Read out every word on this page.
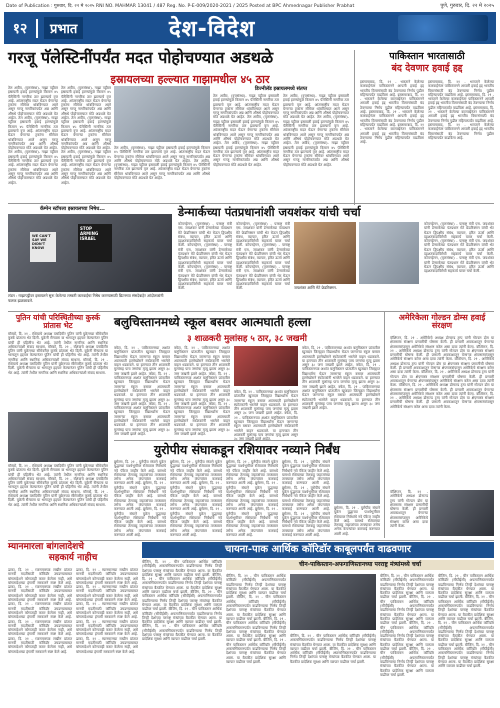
Date of Publication : गुरुवार, दि. २२ मे २०२५ RNI NO. MAHMAR 13041 / 487 Reg. No. P-E-009/2020-2021 / 2025 Posted at BPC Ahmednagar Publisher Prabhat	पुणे, गुरुवार, दि. २२ मे २०२५
१२	प्रभात	देश-विदेश
गरजू पॅलेस्टिनींपर्यंत मदत पोहोचण्यात अडथळे
इस्रायलच्या हल्ल्यात गाझामधील ४५ ठार
तेल अवीव, (वृत्तसंस्था)- गाझा पट्टीवर इस्रायली हवाई हल्ल्यांमुळे किमान ४५ पॅलेस्टिनी नागरिक ठार झाल्याचे वृत्त आहे. आंतरराष्ट्रीय मदत घेऊन येणाऱ्या ट्रकांना सीमेवर थांबविण्यात आले असून गरजू नागरिकांपर्यंत अन्न आणि औषधे पोहोचवण्यात मोठे अडथळे येत आहेत. तेल अवीव, (वृत्तसंस्था)- गाझा पट्टीवर इस्रायली हवाई हल्ल्यांमुळे किमान ४५ पॅलेस्टिनी नागरिक ठार झाल्याचे वृत्त आहे. आंतरराष्ट्रीय मदत घेऊन येणाऱ्या ट्रकांना सीमेवर थांबविण्यात आले असून गरजू नागरिकांपर्यंत अन्न आणि औषधे पोहोचवण्यात मोठे अडथळे येत आहेत. तेल अवीव, (वृत्तसंस्था)- गाझा पट्टीवर इस्रायली हवाई हल्ल्यांमुळे किमान ४५ पॅलेस्टिनी नागरिक ठार झाल्याचे वृत्त आहे. आंतरराष्ट्रीय मदत घेऊन येणाऱ्या ट्रकांना सीमेवर थांबविण्यात आले असून गरजू नागरिकांपर्यंत अन्न आणि औषधे पोहोचवण्यात मोठे अडथळे येत आहेत.
तेल अवीव, (वृत्तसंस्था)- गाझा पट्टीवर इस्रायली हवाई हल्ल्यांमुळे किमान ४५ पॅलेस्टिनी नागरिक ठार झाल्याचे वृत्त आहे. आंतरराष्ट्रीय मदत घेऊन येणाऱ्या ट्रकांना सीमेवर थांबविण्यात आले असून गरजू नागरिकांपर्यंत अन्न आणि औषधे पोहोचवण्यात मोठे अडथळे येत आहेत. तेल अवीव, (वृत्तसंस्था)- गाझा पट्टीवर इस्रायली हवाई हल्ल्यांमुळे किमान ४५ पॅलेस्टिनी नागरिक ठार झाल्याचे वृत्त आहे. आंतरराष्ट्रीय मदत घेऊन येणाऱ्या ट्रकांना सीमेवर थांबविण्यात आले असून गरजू नागरिकांपर्यंत अन्न आणि औषधे पोहोचवण्यात मोठे अडथळे येत आहेत. तेल अवीव, (वृत्तसंस्था)- गाझा पट्टीवर इस्रायली हवाई हल्ल्यांमुळे किमान ४५ पॅलेस्टिनी नागरिक ठार झाल्याचे वृत्त आहे. आंतरराष्ट्रीय मदत घेऊन येणाऱ्या ट्रकांना सीमेवर थांबविण्यात आले असून गरजू नागरिकांपर्यंत अन्न आणि औषधे पोहोचवण्यात मोठे अडथळे येत आहेत.
तेल अवीव, (वृत्तसंस्था)- गाझा पट्टीवर इस्रायली हवाई हल्ल्यांमुळे किमान ४५ पॅलेस्टिनी नागरिक ठार झाल्याचे वृत्त आहे. आंतरराष्ट्रीय मदत घेऊन येणाऱ्या ट्रकांना सीमेवर थांबविण्यात आले असून गरजू नागरिकांपर्यंत अन्न आणि औषधे पोहोचवण्यात मोठे अडथळे येत आहेत. तेल अवीव, (वृत्तसंस्था)- गाझा पट्टीवर इस्रायली हवाई हल्ल्यांमुळे किमान ४५ पॅलेस्टिनी नागरिक ठार झाल्याचे वृत्त आहे. आंतरराष्ट्रीय मदत घेऊन येणाऱ्या ट्रकांना सीमेवर थांबविण्यात आले असून गरजू नागरिकांपर्यंत अन्न आणि औषधे पोहोचवण्यात मोठे अडथळे येत आहेत.
डिज्नीलॅड इस्रायलमध्ये संतप्त
तेल अवीव, (वृत्तसंस्था)- गाझा पट्टीवर इस्रायली हवाई हल्ल्यांमुळे किमान ४५ पॅलेस्टिनी नागरिक ठार झाल्याचे वृत्त आहे. आंतरराष्ट्रीय मदत घेऊन येणाऱ्या ट्रकांना सीमेवर थांबविण्यात आले असून गरजू नागरिकांपर्यंत अन्न आणि औषधे पोहोचवण्यात मोठे अडथळे येत आहेत. तेल अवीव, (वृत्तसंस्था)- गाझा पट्टीवर इस्रायली हवाई हल्ल्यांमुळे किमान ४५ पॅलेस्टिनी नागरिक ठार झाल्याचे वृत्त आहे. आंतरराष्ट्रीय मदत घेऊन येणाऱ्या ट्रकांना सीमेवर थांबविण्यात आले असून गरजू नागरिकांपर्यंत अन्न आणि औषधे पोहोचवण्यात मोठे अडथळे येत आहेत. तेल अवीव, (वृत्तसंस्था)- गाझा पट्टीवर इस्रायली हवाई हल्ल्यांमुळे किमान ४५ पॅलेस्टिनी नागरिक ठार झाल्याचे वृत्त आहे. आंतरराष्ट्रीय मदत घेऊन येणाऱ्या ट्रकांना सीमेवर थांबविण्यात आले असून गरजू नागरिकांपर्यंत अन्न आणि औषधे पोहोचवण्यात मोठे अडथळे येत आहेत.
तेल अवीव, (वृत्तसंस्था)- गाझा पट्टीवर इस्रायली हवाई हल्ल्यांमुळे किमान ४५ पॅलेस्टिनी नागरिक ठार झाल्याचे वृत्त आहे. आंतरराष्ट्रीय मदत घेऊन येणाऱ्या ट्रकांना सीमेवर थांबविण्यात आले असून गरजू नागरिकांपर्यंत अन्न आणि औषधे पोहोचवण्यात मोठे अडथळे येत आहेत. तेल अवीव, (वृत्तसंस्था)- गाझा पट्टीवर इस्रायली हवाई हल्ल्यांमुळे किमान ४५ पॅलेस्टिनी नागरिक ठार झाल्याचे वृत्त आहे. आंतरराष्ट्रीय मदत घेऊन येणाऱ्या ट्रकांना सीमेवर थांबविण्यात आले असून गरजू नागरिकांपर्यंत अन्न आणि औषधे पोहोचवण्यात मोठे अडथळे येत आहेत. तेल अवीव, (वृत्तसंस्था)- गाझा पट्टीवर इस्रायली हवाई हल्ल्यांमुळे किमान ४५ पॅलेस्टिनी नागरिक ठार झाल्याचे वृत्त आहे. आंतरराष्ट्रीय मदत घेऊन येणाऱ्या ट्रकांना सीमेवर थांबविण्यात आले असून गरजू नागरिकांपर्यंत अन्न आणि औषधे पोहोचवण्यात मोठे अडथळे येत आहेत.
पाकिस्तान भारतासाठी
बंद देवणार हवाई हद्द
इस्लामाबाद, दि. २१ - भारताने केलेल्या कारवाईनंतर पाकिस्तानने आपली हवाई हद्द भारतीय विमानांसाठी बंद ठेवण्याचा निर्णय पुढील महिन्यापर्यंत वाढविला आहे. इस्लामाबाद, दि. २१ - भारताने केलेल्या कारवाईनंतर पाकिस्तानने आपली हवाई हद्द भारतीय विमानांसाठी बंद ठेवण्याचा निर्णय पुढील महिन्यापर्यंत वाढविला आहे. इस्लामाबाद, दि. २१ - भारताने केलेल्या कारवाईनंतर पाकिस्तानने आपली हवाई हद्द भारतीय विमानांसाठी बंद ठेवण्याचा निर्णय पुढील महिन्यापर्यंत वाढविला आहे. इस्लामाबाद, दि. २१ - भारताने केलेल्या कारवाईनंतर पाकिस्तानने आपली हवाई हद्द भारतीय विमानांसाठी बंद ठेवण्याचा निर्णय पुढील महिन्यापर्यंत वाढविला आहे.
इस्लामाबाद, दि. २१ - भारताने केलेल्या कारवाईनंतर पाकिस्तानने आपली हवाई हद्द भारतीय विमानांसाठी बंद ठेवण्याचा निर्णय पुढील महिन्यापर्यंत वाढविला आहे. इस्लामाबाद, दि. २१ - भारताने केलेल्या कारवाईनंतर पाकिस्तानने आपली हवाई हद्द भारतीय विमानांसाठी बंद ठेवण्याचा निर्णय पुढील महिन्यापर्यंत वाढविला आहे. इस्लामाबाद, दि. २१ - भारताने केलेल्या कारवाईनंतर पाकिस्तानने आपली हवाई हद्द भारतीय विमानांसाठी बंद ठेवण्याचा निर्णय पुढील महिन्यापर्यंत वाढविला आहे. इस्लामाबाद, दि. २१ - भारताने केलेल्या कारवाईनंतर पाकिस्तानने आपली हवाई हद्द भारतीय विमानांसाठी बंद ठेवण्याचा निर्णय पुढील महिन्यापर्यंत वाढविला आहे.
कॅम्पेन स्टॉपला इस्रायलच्या निषेध...
WE CAN'T SAY WE DIDN'T KNOW
STOP ARMING ISRAEL
लंडन : गाझापट्टीवर इस्रायलने सुरू केलेल्या लष्करी कारवाईचा निषेध करण्यासाठी ब्रिटनच्या संसदेबाहेर आंदोलकांनी फलक झळकावले.
डेन्मार्कच्या पंतप्रधानांशी जयशंकर यांची चर्चा
कोपनहेगन, (वृत्तसंस्था) - परराष्ट्र मंत्री एस. जयशंकर यांनी डेन्मार्कच्या पंतप्रधान मेटे फ्रेडरिक्सन यांची भेट घेऊन द्विपक्षीय संबंध, व्यापार, हरित ऊर्जा आणि दहशतवादाविरोधी सहकार्य यावर चर्चा केली. कोपनहेगन, (वृत्तसंस्था) - परराष्ट्र मंत्री एस. जयशंकर यांनी डेन्मार्कच्या पंतप्रधान मेटे फ्रेडरिक्सन यांची भेट घेऊन द्विपक्षीय संबंध, व्यापार, हरित ऊर्जा आणि दहशतवादाविरोधी सहकार्य यावर चर्चा केली. कोपनहेगन, (वृत्तसंस्था) - परराष्ट्र मंत्री एस. जयशंकर यांनी डेन्मार्कच्या पंतप्रधान मेटे फ्रेडरिक्सन यांची भेट घेऊन द्विपक्षीय संबंध, व्यापार, हरित ऊर्जा आणि दहशतवादाविरोधी सहकार्य यावर चर्चा केली.
कोपनहेगन, (वृत्तसंस्था) - परराष्ट्र मंत्री एस. जयशंकर यांनी डेन्मार्कच्या पंतप्रधान मेटे फ्रेडरिक्सन यांची भेट घेऊन द्विपक्षीय संबंध, व्यापार, हरित ऊर्जा आणि दहशतवादाविरोधी सहकार्य यावर चर्चा केली. कोपनहेगन, (वृत्तसंस्था) - परराष्ट्र मंत्री एस. जयशंकर यांनी डेन्मार्कच्या पंतप्रधान मेटे फ्रेडरिक्सन यांची भेट घेऊन द्विपक्षीय संबंध, व्यापार, हरित ऊर्जा आणि दहशतवादाविरोधी सहकार्य यावर चर्चा केली. कोपनहेगन, (वृत्तसंस्था) - परराष्ट्र मंत्री एस. जयशंकर यांनी डेन्मार्कच्या पंतप्रधान मेटे फ्रेडरिक्सन यांची भेट घेऊन द्विपक्षीय संबंध, व्यापार, हरित ऊर्जा आणि दहशतवादाविरोधी सहकार्य यावर चर्चा केली.	जयशंकर आणि मेटे फ्रेडरिक्सन.
कोपनहेगन, (वृत्तसंस्था) - परराष्ट्र मंत्री एस. जयशंकर यांनी डेन्मार्कच्या पंतप्रधान मेटे फ्रेडरिक्सन यांची भेट घेऊन द्विपक्षीय संबंध, व्यापार, हरित ऊर्जा आणि दहशतवादाविरोधी सहकार्य यावर चर्चा केली. कोपनहेगन, (वृत्तसंस्था) - परराष्ट्र मंत्री एस. जयशंकर यांनी डेन्मार्कच्या पंतप्रधान मेटे फ्रेडरिक्सन यांची भेट घेऊन द्विपक्षीय संबंध, व्यापार, हरित ऊर्जा आणि दहशतवादाविरोधी सहकार्य यावर चर्चा केली. कोपनहेगन, (वृत्तसंस्था) - परराष्ट्र मंत्री एस. जयशंकर यांनी डेन्मार्कच्या पंतप्रधान मेटे फ्रेडरिक्सन यांची भेट घेऊन द्विपक्षीय संबंध, व्यापार, हरित ऊर्जा आणि दहशतवादाविरोधी सहकार्य यावर चर्चा केली.
पुतिन यांची परिस्थितीच्या कुर्स्क प्रांतास भेट
मॉस्को, दि. २१ - रशियाचे अध्यक्ष व्लादिमीर पुतिन यांनी युक्रेनच्या सीमेवरील कुर्स्क प्रांताला भेट दिली. युक्रेनी सैन्याला या भागातून हद्दपार केल्यानंतर पुतिन यांची ही पहिलीच भेट आहे. त्यांनी तेथील नागरिक आणि स्थानिक अधिकाऱ्यांशी संवाद साधला. मॉस्को, दि. २१ - रशियाचे अध्यक्ष व्लादिमीर पुतिन यांनी युक्रेनच्या सीमेवरील कुर्स्क प्रांताला भेट दिली. युक्रेनी सैन्याला या भागातून हद्दपार केल्यानंतर पुतिन यांची ही पहिलीच भेट आहे. त्यांनी तेथील नागरिक आणि स्थानिक अधिकाऱ्यांशी संवाद साधला. मॉस्को, दि. २१ - रशियाचे अध्यक्ष व्लादिमीर पुतिन यांनी युक्रेनच्या सीमेवरील कुर्स्क प्रांताला भेट दिली. युक्रेनी सैन्याला या भागातून हद्दपार केल्यानंतर पुतिन यांची ही पहिलीच भेट आहे. त्यांनी तेथील नागरिक आणि स्थानिक अधिकाऱ्यांशी संवाद साधला.
मॉस्को, दि. २१ - रशियाचे अध्यक्ष व्लादिमीर पुतिन यांनी युक्रेनच्या सीमेवरील कुर्स्क प्रांताला भेट दिली. युक्रेनी सैन्याला या भागातून हद्दपार केल्यानंतर पुतिन यांची ही पहिलीच भेट आहे. त्यांनी तेथील नागरिक आणि स्थानिक अधिकाऱ्यांशी संवाद साधला. मॉस्को, दि. २१ - रशियाचे अध्यक्ष व्लादिमीर पुतिन यांनी युक्रेनच्या सीमेवरील कुर्स्क प्रांताला भेट दिली. युक्रेनी सैन्याला या भागातून हद्दपार केल्यानंतर पुतिन यांची ही पहिलीच भेट आहे. त्यांनी तेथील नागरिक आणि स्थानिक अधिकाऱ्यांशी संवाद साधला. मॉस्को, दि. २१ - रशियाचे अध्यक्ष व्लादिमीर पुतिन यांनी युक्रेनच्या सीमेवरील कुर्स्क प्रांताला भेट दिली. युक्रेनी सैन्याला या भागातून हद्दपार केल्यानंतर पुतिन यांची ही पहिलीच भेट आहे. त्यांनी तेथील नागरिक आणि स्थानिक अधिकाऱ्यांशी संवाद साधला.
बलुचिस्तानमध्ये स्कूल बसवर आत्मघाती हल्ला
३ शाळकरी मुलांसह ५ ठार, ३८ जखमी
क्वेटा, दि. २१ - पाकिस्तानच्या अशांत बलुचिस्तान प्रांतातील खुजदार जिल्ह्यात विद्यार्थ्यांना घेऊन जाणाऱ्या स्कूल बसवर आत्मघाती हल्लेखोराने स्फोटकांनी भरलेले वाहन धडकवले. या हल्ल्यात तीन शाळकरी मुलांसह पाच जणांचा मृत्यू झाला असून ३८ जण जखमी झाले आहेत. क्वेटा, दि. २१ - पाकिस्तानच्या अशांत बलुचिस्तान प्रांतातील खुजदार जिल्ह्यात विद्यार्थ्यांना घेऊन जाणाऱ्या स्कूल बसवर आत्मघाती हल्लेखोराने स्फोटकांनी भरलेले वाहन धडकवले. या हल्ल्यात तीन शाळकरी मुलांसह पाच जणांचा मृत्यू झाला असून ३८ जण जखमी झाले आहेत. क्वेटा, दि. २१ - पाकिस्तानच्या अशांत बलुचिस्तान प्रांतातील खुजदार जिल्ह्यात विद्यार्थ्यांना घेऊन जाणाऱ्या स्कूल बसवर आत्मघाती हल्लेखोराने स्फोटकांनी भरलेले वाहन धडकवले. या हल्ल्यात तीन शाळकरी मुलांसह पाच जणांचा मृत्यू झाला असून ३८ जण जखमी झाले आहेत.
क्वेटा, दि. २१ - पाकिस्तानच्या अशांत बलुचिस्तान प्रांतातील खुजदार जिल्ह्यात विद्यार्थ्यांना घेऊन जाणाऱ्या स्कूल बसवर आत्मघाती हल्लेखोराने स्फोटकांनी भरलेले वाहन धडकवले. या हल्ल्यात तीन शाळकरी मुलांसह पाच जणांचा मृत्यू झाला असून ३८ जण जखमी झाले आहेत. क्वेटा, दि. २१ - पाकिस्तानच्या अशांत बलुचिस्तान प्रांतातील खुजदार जिल्ह्यात विद्यार्थ्यांना घेऊन जाणाऱ्या स्कूल बसवर आत्मघाती हल्लेखोराने स्फोटकांनी भरलेले वाहन धडकवले. या हल्ल्यात तीन शाळकरी मुलांसह पाच जणांचा मृत्यू झाला असून ३८ जण जखमी झाले आहेत. क्वेटा, दि. २१ - पाकिस्तानच्या अशांत बलुचिस्तान प्रांतातील खुजदार जिल्ह्यात विद्यार्थ्यांना घेऊन जाणाऱ्या स्कूल बसवर आत्मघाती हल्लेखोराने स्फोटकांनी भरलेले वाहन धडकवले. या हल्ल्यात तीन शाळकरी मुलांसह पाच जणांचा मृत्यू झाला असून ३८ जण जखमी झाले आहेत.
क्वेटा, दि. २१ - पाकिस्तानच्या अशांत बलुचिस्तान प्रांतातील खुजदार जिल्ह्यात विद्यार्थ्यांना घेऊन जाणाऱ्या स्कूल बसवर आत्मघाती हल्लेखोराने स्फोटकांनी भरलेले वाहन धडकवले. या हल्ल्यात तीन शाळकरी मुलांसह पाच जणांचा मृत्यू झाला असून ३८ जण जखमी झाले आहेत. क्वेटा, दि. २१ - पाकिस्तानच्या अशांत बलुचिस्तान प्रांतातील खुजदार जिल्ह्यात विद्यार्थ्यांना घेऊन जाणाऱ्या स्कूल बसवर आत्मघाती हल्लेखोराने स्फोटकांनी भरलेले वाहन धडकवले. या हल्ल्यात तीन शाळकरी मुलांसह पाच जणांचा मृत्यू झाला असून
क्वेटा, दि. २१ - पाकिस्तानच्या अशांत बलुचिस्तान प्रांतातील खुजदार जिल्ह्यात विद्यार्थ्यांना घेऊन जाणाऱ्या स्कूल बसवर आत्मघाती हल्लेखोराने स्फोटकांनी भरलेले वाहन धडकवले. या हल्ल्यात तीन शाळकरी मुलांसह पाच जणांचा मृत्यू झाला असून ३८ जण जखमी झाले आहेत. क्वेटा, दि. २१ - पाकिस्तानच्या अशांत बलुचिस्तान प्रांतातील खुजदार जिल्ह्यात विद्यार्थ्यांना घेऊन जाणाऱ्या स्कूल बसवर आत्मघाती हल्लेखोराने स्फोटकांनी भरलेले वाहन धडकवले. या हल्ल्यात तीन शाळकरी मुलांसह पाच जणांचा मृत्यू झाला असून ३८ जण जखमी झाले आहेत. क्वेटा, दि. २१ - पाकिस्तानच्या अशांत बलुचिस्तान प्रांतातील खुजदार जिल्ह्यात विद्यार्थ्यांना घेऊन जाणाऱ्या स्कूल बसवर आत्मघाती हल्लेखोराने स्फोटकांनी भरलेले वाहन धडकवले. या हल्ल्यात तीन शाळकरी मुलांसह पाच जणांचा मृत्यू झाला असून ३८ जण जखमी झाले आहेत.
अमेरिकेला गोल्डन डोम्स हवाई संरक्षण
वॉशिंग्टन, दि. २१ - अमेरिकेचे अध्यक्ष डोनाल्ड ट्रम्प यांनी गोल्डन डोम या क्षेपणास्त्र संरक्षण प्रणालीची घोषणा केली. ही प्रणाली अवकाशातून येणाऱ्या क्षेपणास्त्रांपासून अमेरिकेचे संरक्षण करेल असा दावा त्यांनी केला. वॉशिंग्टन, दि. २१ - अमेरिकेचे अध्यक्ष डोनाल्ड ट्रम्प यांनी गोल्डन डोम या क्षेपणास्त्र संरक्षण प्रणालीची घोषणा केली. ही प्रणाली अवकाशातून येणाऱ्या क्षेपणास्त्रांपासून अमेरिकेचे संरक्षण करेल असा दावा त्यांनी केला. वॉशिंग्टन, दि. २१ - अमेरिकेचे अध्यक्ष डोनाल्ड ट्रम्प यांनी गोल्डन डोम या क्षेपणास्त्र संरक्षण प्रणालीची घोषणा केली. ही प्रणाली अवकाशातून येणाऱ्या क्षेपणास्त्रांपासून अमेरिकेचे संरक्षण करेल असा दावा त्यांनी केला. वॉशिंग्टन, दि. २१ - अमेरिकेचे अध्यक्ष डोनाल्ड ट्रम्प यांनी गोल्डन डोम या क्षेपणास्त्र संरक्षण प्रणालीची घोषणा केली. ही प्रणाली अवकाशातून येणाऱ्या क्षेपणास्त्रांपासून अमेरिकेचे संरक्षण करेल असा दावा त्यांनी केला. वॉशिंग्टन, दि. २१ - अमेरिकेचे अध्यक्ष डोनाल्ड ट्रम्प यांनी गोल्डन डोम या क्षेपणास्त्र संरक्षण प्रणालीची घोषणा केली. ही प्रणाली अवकाशातून येणाऱ्या क्षेपणास्त्रांपासून अमेरिकेचे संरक्षण करेल असा दावा त्यांनी केला. वॉशिंग्टन, दि. २१ - अमेरिकेचे अध्यक्ष डोनाल्ड ट्रम्प यांनी गोल्डन डोम या क्षेपणास्त्र संरक्षण प्रणालीची घोषणा केली. ही प्रणाली अवकाशातून येणाऱ्या क्षेपणास्त्रांपासून अमेरिकेचे संरक्षण करेल असा दावा त्यांनी केला.
वॉशिंग्टन, दि. २१ - अमेरिकेचे अध्यक्ष डोनाल्ड ट्रम्प यांनी गोल्डन डोम या क्षेपणास्त्र संरक्षण प्रणालीची घोषणा केली. ही प्रणाली अवकाशातून येणाऱ्या क्षेपणास्त्रांपासून अमेरिकेचे संरक्षण करेल असा दावा त्यांनी केला.
युरोपीय संघाकडून रशियावर नव्याने निर्बंध
ब्रुसेल्स, दि. २१ - युरोपीय संघाने युक्रेन युद्धाच्या पार्श्वभूमीवर रशियावर निर्बंधांचे नवे पॅकेज जाहीर केले आहे. यामध्ये रशियाच्या तेलवाहू जहाजांच्या ताफ्यावर तसेच अनेक कंपन्यांवर कारवाई करण्यात आली आहे. ब्रुसेल्स, दि. २१ - युरोपीय संघाने युक्रेन युद्धाच्या पार्श्वभूमीवर रशियावर निर्बंधांचे नवे पॅकेज जाहीर केले आहे. यामध्ये रशियाच्या तेलवाहू जहाजांच्या ताफ्यावर तसेच अनेक कंपन्यांवर कारवाई करण्यात आली आहे. ब्रुसेल्स, दि. २१ - युरोपीय संघाने युक्रेन युद्धाच्या पार्श्वभूमीवर रशियावर निर्बंधांचे नवे पॅकेज जाहीर केले आहे. यामध्ये रशियाच्या तेलवाहू जहाजांच्या ताफ्यावर तसेच अनेक कंपन्यांवर कारवाई करण्यात आली आहे.
ब्रुसेल्स, दि. २१ - युरोपीय संघाने युक्रेन युद्धाच्या पार्श्वभूमीवर रशियावर निर्बंधांचे नवे पॅकेज जाहीर केले आहे. यामध्ये रशियाच्या तेलवाहू जहाजांच्या ताफ्यावर तसेच अनेक कंपन्यांवर कारवाई करण्यात आली आहे. ब्रुसेल्स, दि. २१ - युरोपीय संघाने युक्रेन युद्धाच्या पार्श्वभूमीवर रशियावर निर्बंधांचे नवे पॅकेज जाहीर केले आहे. यामध्ये रशियाच्या तेलवाहू जहाजांच्या ताफ्यावर तसेच अनेक कंपन्यांवर कारवाई करण्यात आली आहे. ब्रुसेल्स, दि. २१ - युरोपीय संघाने युक्रेन युद्धाच्या पार्श्वभूमीवर रशियावर निर्बंधांचे नवे पॅकेज जाहीर केले आहे. यामध्ये रशियाच्या तेलवाहू जहाजांच्या ताफ्यावर तसेच अनेक कंपन्यांवर कारवाई करण्यात आली आहे.
ब्रुसेल्स, दि. २१ - युरोपीय संघाने युक्रेन युद्धाच्या पार्श्वभूमीवर रशियावर निर्बंधांचे नवे पॅकेज जाहीर केले आहे. यामध्ये रशियाच्या तेलवाहू जहाजांच्या ताफ्यावर तसेच अनेक कंपन्यांवर कारवाई करण्यात आली आहे. ब्रुसेल्स, दि. २१ - युरोपीय संघाने युक्रेन युद्धाच्या पार्श्वभूमीवर रशियावर निर्बंधांचे नवे पॅकेज जाहीर केले आहे. यामध्ये रशियाच्या तेलवाहू जहाजांच्या ताफ्यावर तसेच अनेक कंपन्यांवर कारवाई करण्यात आली आहे. ब्रुसेल्स, दि. २१ - युरोपीय संघाने युक्रेन युद्धाच्या पार्श्वभूमीवर रशियावर निर्बंधांचे नवे पॅकेज जाहीर केले आहे. यामध्ये रशियाच्या तेलवाहू जहाजांच्या ताफ्यावर तसेच अनेक कंपन्यांवर कारवाई करण्यात आली आहे.
ब्रुसेल्स, दि. २१ - युरोपीय संघाने युक्रेन युद्धाच्या पार्श्वभूमीवर रशियावर निर्बंधांचे नवे पॅकेज जाहीर केले आहे. यामध्ये रशियाच्या तेलवाहू जहाजांच्या ताफ्यावर तसेच अनेक कंपन्यांवर कारवाई करण्यात आली आहे. ब्रुसेल्स, दि. २१ - युरोपीय संघाने युक्रेन युद्धाच्या पार्श्वभूमीवर रशियावर निर्बंधांचे नवे पॅकेज जाहीर केले आहे. यामध्ये रशियाच्या तेलवाहू जहाजांच्या ताफ्यावर तसेच अनेक कंपन्यांवर कारवाई करण्यात आली आहे. ब्रुसेल्स, दि. २१ - युरोपीय संघाने युक्रेन युद्धाच्या पार्श्वभूमीवर रशियावर निर्बंधांचे नवे पॅकेज जाहीर केले आहे. यामध्ये रशियाच्या तेलवाहू जहाजांच्या ताफ्यावर तसेच अनेक कंपन्यांवर कारवाई करण्यात आली आहे.
ब्रुसेल्स, दि. २१ - युरोपीय संघाने युक्रेन युद्धाच्या पार्श्वभूमीवर रशियावर निर्बंधांचे नवे पॅकेज जाहीर केले आहे. यामध्ये रशियाच्या तेलवाहू जहाजांच्या ताफ्यावर तसेच अनेक कंपन्यांवर कारवाई करण्यात आली आहे.
म्यानमारला बांगलादेशचे
सहकार्य नाहीच
ढाका, दि. २१ - म्यानमारच्या राखीन प्रांतात मानवी मदतीसाठी कॉरिडॉर उघडण्याबाबत बांगलादेशने कोणताही करार केलेला नाही, असे बांगलादेशच्या हंगामी सरकारने स्पष्ट केले आहे. ढाका, दि. २१ - म्यानमारच्या राखीन प्रांतात मानवी मदतीसाठी कॉरिडॉर उघडण्याबाबत बांगलादेशने कोणताही करार केलेला नाही, असे बांगलादेशच्या हंगामी सरकारने स्पष्ट केले आहे. ढाका, दि. २१ - म्यानमारच्या राखीन प्रांतात मानवी मदतीसाठी कॉरिडॉर उघडण्याबाबत बांगलादेशने कोणताही करार केलेला नाही, असे बांगलादेशच्या हंगामी सरकारने स्पष्ट केले आहे. ढाका, दि. २१ - म्यानमारच्या राखीन प्रांतात मानवी मदतीसाठी कॉरिडॉर उघडण्याबाबत बांगलादेशने कोणताही करार केलेला नाही, असे बांगलादेशच्या हंगामी सरकारने स्पष्ट केले आहे. ढाका, दि. २१ - म्यानमारच्या राखीन प्रांतात मानवी मदतीसाठी कॉरिडॉर उघडण्याबाबत बांगलादेशने कोणताही करार केलेला नाही, असे बांगलादेशच्या हंगामी सरकारने स्पष्ट केले आहे.
ढाका, दि. २१ - म्यानमारच्या राखीन प्रांतात मानवी मदतीसाठी कॉरिडॉर उघडण्याबाबत बांगलादेशने कोणताही करार केलेला नाही, असे बांगलादेशच्या हंगामी सरकारने स्पष्ट केले आहे. ढाका, दि. २१ - म्यानमारच्या राखीन प्रांतात मानवी मदतीसाठी कॉरिडॉर उघडण्याबाबत बांगलादेशने कोणताही करार केलेला नाही, असे बांगलादेशच्या हंगामी सरकारने स्पष्ट केले आहे. ढाका, दि. २१ - म्यानमारच्या राखीन प्रांतात मानवी मदतीसाठी कॉरिडॉर उघडण्याबाबत बांगलादेशने कोणताही करार केलेला नाही, असे बांगलादेशच्या हंगामी सरकारने स्पष्ट केले आहे. ढाका, दि. २१ - म्यानमारच्या राखीन प्रांतात मानवी मदतीसाठी कॉरिडॉर उघडण्याबाबत बांगलादेशने कोणताही करार केलेला नाही, असे बांगलादेशच्या हंगामी सरकारने स्पष्ट केले आहे. ढाका, दि. २१ - म्यानमारच्या राखीन प्रांतात मानवी मदतीसाठी कॉरिडॉर उघडण्याबाबत बांगलादेशने कोणताही करार केलेला नाही, असे बांगलादेशच्या हंगामी सरकारने स्पष्ट केले आहे.
चायना-पाक आर्थिक कॉरिडॉर काबूलपर्यंत वाढवणार
चीन-पाकिस्तान-अफगाणिस्तानच्या परराष्ट्र मंत्र्यांमध्ये चर्चा
बीजिंग, दि. २१ - चीन पाकिस्तान आर्थिक कॉरिडॉर (सीपीईसी) अफगाणिस्तानपर्यंत वाढविण्याचा निर्णय तिन्ही देशांच्या परराष्ट्र मंत्र्यांच्या बैठकीत घेण्यात आला. या बैठकीत प्रादेशिक सुरक्षा आणि व्यापार वाढीवर चर्चा झाली. बीजिंग, दि. २१ - चीन पाकिस्तान आर्थिक कॉरिडॉर (सीपीईसी) अफगाणिस्तानपर्यंत वाढविण्याचा निर्णय तिन्ही देशांच्या परराष्ट्र मंत्र्यांच्या बैठकीत घेण्यात आला. या बैठकीत प्रादेशिक सुरक्षा आणि व्यापार वाढीवर चर्चा झाली. बीजिंग, दि. २१ - चीन पाकिस्तान आर्थिक कॉरिडॉर (सीपीईसी) अफगाणिस्तानपर्यंत वाढविण्याचा निर्णय तिन्ही देशांच्या परराष्ट्र मंत्र्यांच्या बैठकीत घेण्यात आला. या बैठकीत प्रादेशिक सुरक्षा आणि व्यापार वाढीवर चर्चा झाली. बीजिंग, दि. २१ - चीन पाकिस्तान आर्थिक कॉरिडॉर (सीपीईसी) अफगाणिस्तानपर्यंत वाढविण्याचा निर्णय तिन्ही देशांच्या परराष्ट्र मंत्र्यांच्या बैठकीत घेण्यात आला. या बैठकीत प्रादेशिक सुरक्षा आणि व्यापार वाढीवर चर्चा झाली. बीजिंग, दि. २१ - चीन पाकिस्तान आर्थिक कॉरिडॉर (सीपीईसी) अफगाणिस्तानपर्यंत वाढविण्याचा निर्णय तिन्ही देशांच्या परराष्ट्र मंत्र्यांच्या बैठकीत घेण्यात आला. या बैठकीत प्रादेशिक सुरक्षा आणि व्यापार वाढीवर चर्चा झाली.
बीजिंग, दि. २१ - चीन पाकिस्तान आर्थिक कॉरिडॉर (सीपीईसी) अफगाणिस्तानपर्यंत वाढविण्याचा निर्णय तिन्ही देशांच्या परराष्ट्र मंत्र्यांच्या बैठकीत घेण्यात आला. या बैठकीत प्रादेशिक सुरक्षा आणि व्यापार वाढीवर चर्चा झाली. बीजिंग, दि. २१ - चीन पाकिस्तान आर्थिक कॉरिडॉर (सीपीईसी) अफगाणिस्तानपर्यंत वाढविण्याचा निर्णय तिन्ही देशांच्या परराष्ट्र मंत्र्यांच्या बैठकीत घेण्यात आला. या बैठकीत प्रादेशिक सुरक्षा आणि व्यापार वाढीवर चर्चा झाली. बीजिंग, दि. २१ - चीन पाकिस्तान आर्थिक कॉरिडॉर (सीपीईसी) अफगाणिस्तानपर्यंत वाढविण्याचा निर्णय तिन्ही देशांच्या परराष्ट्र मंत्र्यांच्या बैठकीत घेण्यात आला. या बैठकीत प्रादेशिक सुरक्षा आणि व्यापार वाढीवर चर्चा झाली. बीजिंग, दि. २१ - चीन पाकिस्तान आर्थिक कॉरिडॉर (सीपीईसी) अफगाणिस्तानपर्यंत वाढविण्याचा निर्णय तिन्ही देशांच्या परराष्ट्र मंत्र्यांच्या बैठकीत घेण्यात आला. या बैठकीत प्रादेशिक सुरक्षा आणि व्यापार वाढीवर चर्चा झाली.
बीजिंग, दि. २१ - चीन पाकिस्तान आर्थिक कॉरिडॉर (सीपीईसी) अफगाणिस्तानपर्यंत वाढविण्याचा निर्णय तिन्ही देशांच्या परराष्ट्र मंत्र्यांच्या बैठकीत घेण्यात आला. या बैठकीत प्रादेशिक सुरक्षा आणि व्यापार वाढीवर चर्चा झाली. बीजिंग, दि. २१ - चीन पाकिस्तान आर्थिक कॉरिडॉर (सीपीईसी) अफगाणिस्तानपर्यंत वाढविण्याचा निर्णय तिन्ही देशांच्या परराष्ट्र मंत्र्यांच्या बैठकीत घेण्यात आला. या बैठकीत प्रादेशिक सुरक्षा आणि व्यापार वाढीवर चर्चा झाली.
बीजिंग, दि. २१ - चीन पाकिस्तान आर्थिक कॉरिडॉर (सीपीईसी) अफगाणिस्तानपर्यंत वाढविण्याचा निर्णय तिन्ही देशांच्या परराष्ट्र मंत्र्यांच्या बैठकीत घेण्यात आला. या बैठकीत प्रादेशिक सुरक्षा आणि व्यापार वाढीवर चर्चा झाली. बीजिंग, दि. २१ - चीन पाकिस्तान आर्थिक कॉरिडॉर (सीपीईसी) अफगाणिस्तानपर्यंत वाढविण्याचा निर्णय तिन्ही देशांच्या परराष्ट्र मंत्र्यांच्या बैठकीत घेण्यात आला. या बैठकीत प्रादेशिक सुरक्षा आणि व्यापार वाढीवर चर्चा झाली. बीजिंग, दि. २१ - चीन पाकिस्तान आर्थिक कॉरिडॉर (सीपीईसी) अफगाणिस्तानपर्यंत वाढविण्याचा निर्णय तिन्ही देशांच्या परराष्ट्र मंत्र्यांच्या बैठकीत घेण्यात आला. या बैठकीत प्रादेशिक सुरक्षा आणि व्यापार वाढीवर चर्चा झाली. बीजिंग, दि. २१ - चीन पाकिस्तान आर्थिक कॉरिडॉर (सीपीईसी) अफगाणिस्तानपर्यंत वाढविण्याचा निर्णय तिन्ही देशांच्या परराष्ट्र मंत्र्यांच्या बैठकीत घेण्यात आला. या बैठकीत प्रादेशिक सुरक्षा आणि व्यापार वाढीवर चर्चा झाली.
बीजिंग, दि. २१ - चीन पाकिस्तान आर्थिक कॉरिडॉर (सीपीईसी) अफगाणिस्तानपर्यंत वाढविण्याचा निर्णय तिन्ही देशांच्या परराष्ट्र मंत्र्यांच्या बैठकीत घेण्यात आला. या बैठकीत प्रादेशिक सुरक्षा आणि व्यापार वाढीवर चर्चा झाली. बीजिंग, दि. २१ - चीन पाकिस्तान आर्थिक कॉरिडॉर (सीपीईसी) अफगाणिस्तानपर्यंत वाढविण्याचा निर्णय तिन्ही देशांच्या परराष्ट्र मंत्र्यांच्या बैठकीत घेण्यात आला. या बैठकीत प्रादेशिक सुरक्षा आणि व्यापार वाढीवर चर्चा झाली. बीजिंग, दि. २१ - चीन पाकिस्तान आर्थिक कॉरिडॉर (सीपीईसी) अफगाणिस्तानपर्यंत वाढविण्याचा निर्णय तिन्ही देशांच्या परराष्ट्र मंत्र्यांच्या बैठकीत घेण्यात आला. या बैठकीत प्रादेशिक सुरक्षा आणि व्यापार वाढीवर चर्चा झाली. बीजिंग, दि. २१ - चीन पाकिस्तान आर्थिक कॉरिडॉर (सीपीईसी) अफगाणिस्तानपर्यंत वाढविण्याचा निर्णय तिन्ही देशांच्या परराष्ट्र मंत्र्यांच्या बैठकीत घेण्यात आला. या बैठकीत प्रादेशिक सुरक्षा आणि व्यापार वाढीवर चर्चा झाली.
